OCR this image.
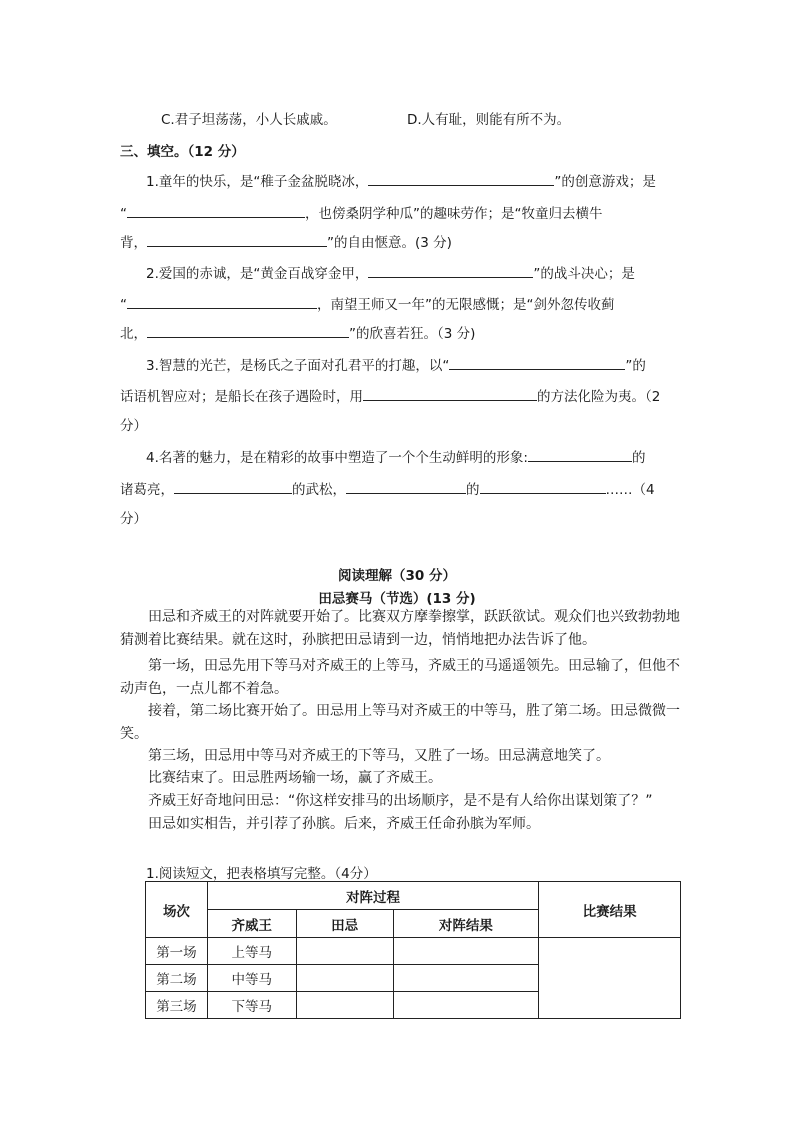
C.君子坦荡荡，小人长戚戚。	D.人有耻，则能有所不为。
三、填空。（12 分）
1.童年的快乐，是“稚子金盆脱晓冰，	”的创意游戏；是
“	，也傍桑阴学种瓜”的趣味劳作；是“牧童归去横牛
背，	”的自由惬意。(3 分)
2.爱国的赤诚，是“黄金百战穿金甲，	”的战斗决心；是
“	，南望王师又一年”的无限感慨；是“剑外忽传收蓟
北，	”的欣喜若狂。（3 分)
3.智慧的光芒，是杨氏之子面对孔君平的打趣，以“	”的
话语机智应对；是船长在孩子遇险时，用	的方法化险为夷。（2
分）
4.名著的魅力，是在精彩的故事中塑造了一个个生动鲜明的形象:	的
诸葛亮，	的武松，	的	……（4
分）
阅读理解（30 分）
田忌赛马（节选）(13 分)
田忌和齐威王的对阵就要开始了。比赛双方摩拳擦掌，跃跃欲试。观众们也兴致勃勃地猜测着比赛结果。就在这时，孙膑把田忌请到一边，悄悄地把办法告诉了他。
第一场，田忌先用下等马对齐威王的上等马，齐威王的马遥遥领先。田忌输了，但他不动声色，一点儿都不着急。
接着，第二场比赛开始了。田忌用上等马对齐威王的中等马，胜了第二场。田忌微微一笑。
第三场，田忌用中等马对齐威王的下等马，又胜了一场。田忌满意地笑了。
比赛结束了。田忌胜两场输一场，赢了齐威王。
齐威王好奇地问田忌：“你这样安排马的出场顺序，是不是有人给你出谋划策了？”
田忌如实相告，并引荐了孙膑。后来，齐威王任命孙膑为军师。
1.阅读短文，把表格填写完整。（4分）
场次	对阵过程			比赛结果
	齐威王	田忌	对阵结果	
第一场	上等马			
第二场	中等马			
第三场	下等马			
